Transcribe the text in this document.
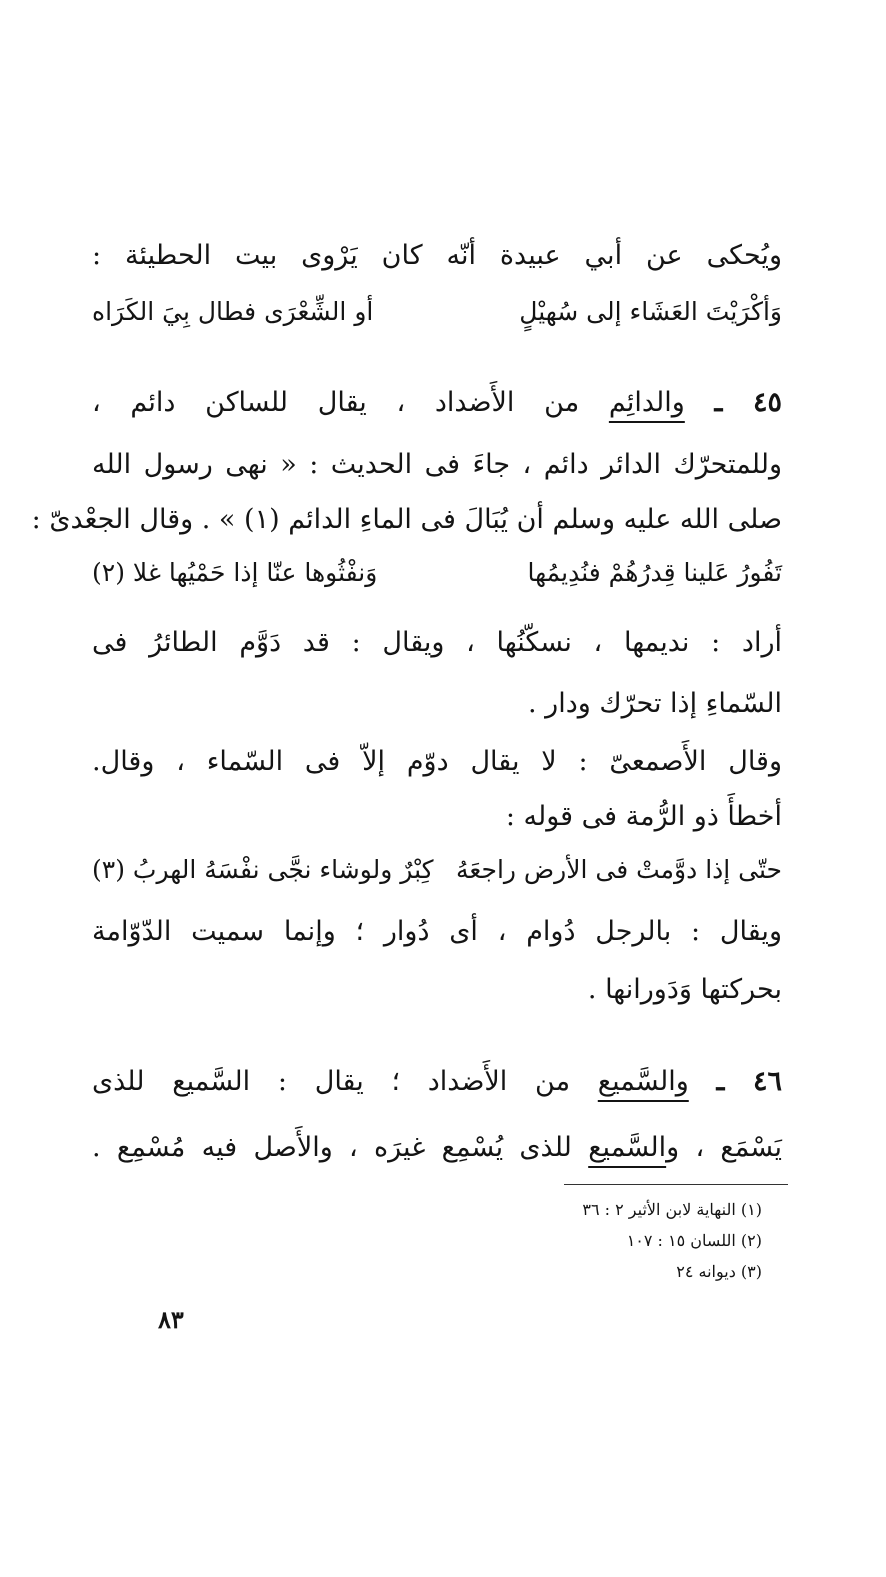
ويُحكى عن أبي عبيدة أنّه كان يَرْوى بيت الحطيئة :
وَأكْرَيْتَ العَشَاء إلى سُهيْلٍ
أو الشِّعْرَى فطال بِيَ الكَرَاه
٤٥ ـ والدائِم من الأَضداد ، يقال للساكن دائم ،
وللمتحرّك الدائر دائم ، جاءَ فى الحديث : « نهى رسول الله
صلى الله عليه وسلم أن يُبَالَ فى الماءِ الدائم (١) » . وقال الجعْدىّ :
تَفُورُ عَلينا قِدرُهُمْ فنُدِيمُها
وَنفْثُوها عنّا إذا حَمْيُها غلا (٢)
أراد : نديمها ، نسكّنُها ، ويقال : قد دَوَّم الطائرُ فى
السّماءِ إذا تحرّك ودار .
وقال الأَصمعىّ : لا يقال دوّم إلاّ فى السّماء ، وقال.
أخطأَ ذو الرُّمة فى قوله :
حتّى إذا دوَّمتْ فى الأرض راجعَهُ
كِبْرٌ ولوشاء نجَّى نفْسَهُ الهربُ (٣)
ويقال : بالرجل دُوام ، أى دُوار ؛ وإنما سميت الدّوّامة
بحركتها وَدَورانها .
٤٦ ـ والسَّميع من الأَضداد ؛ يقال : السَّميع للذى
يَسْمَع ، والسَّميع للذى يُسْمِع غيرَه ، والأَصل فيه مُسْمِع .
(١) النهاية لابن الأثير ٢ : ٣٦
(٢) اللسان ١٥ : ١٠٧
(٣) ديوانه ٢٤
٨٣
